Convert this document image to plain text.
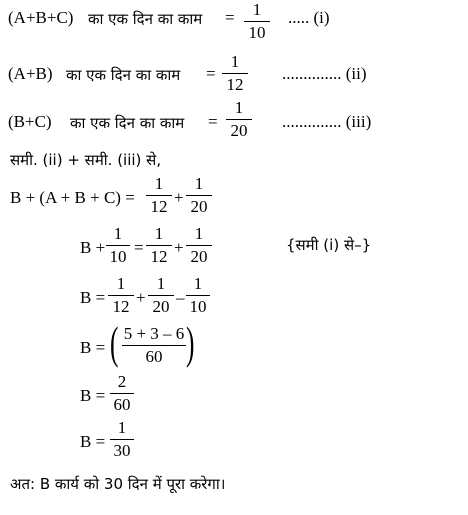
(A+B+C) का एक दिन का काम =	1
10
..... (i)
(A+B) का एक दिन का काम =
1
12
.............. (ii)
(B+C) का एक दिन का काम =
1
20 .............. (iii)
समी. (ii) + समी. (iii) से,
B + (A + B + C) =
1
12 +
1
20
B +
1
10 =
1
12 +
1
20
{समी (i) से–}
B =
1
12 +
1
20 –
1
10
B = ( 5 + 3 – 6
60 )
B =
2
60
B =
1
30
अत: B कार्य को 30 दिन में पूरा करेगा।
